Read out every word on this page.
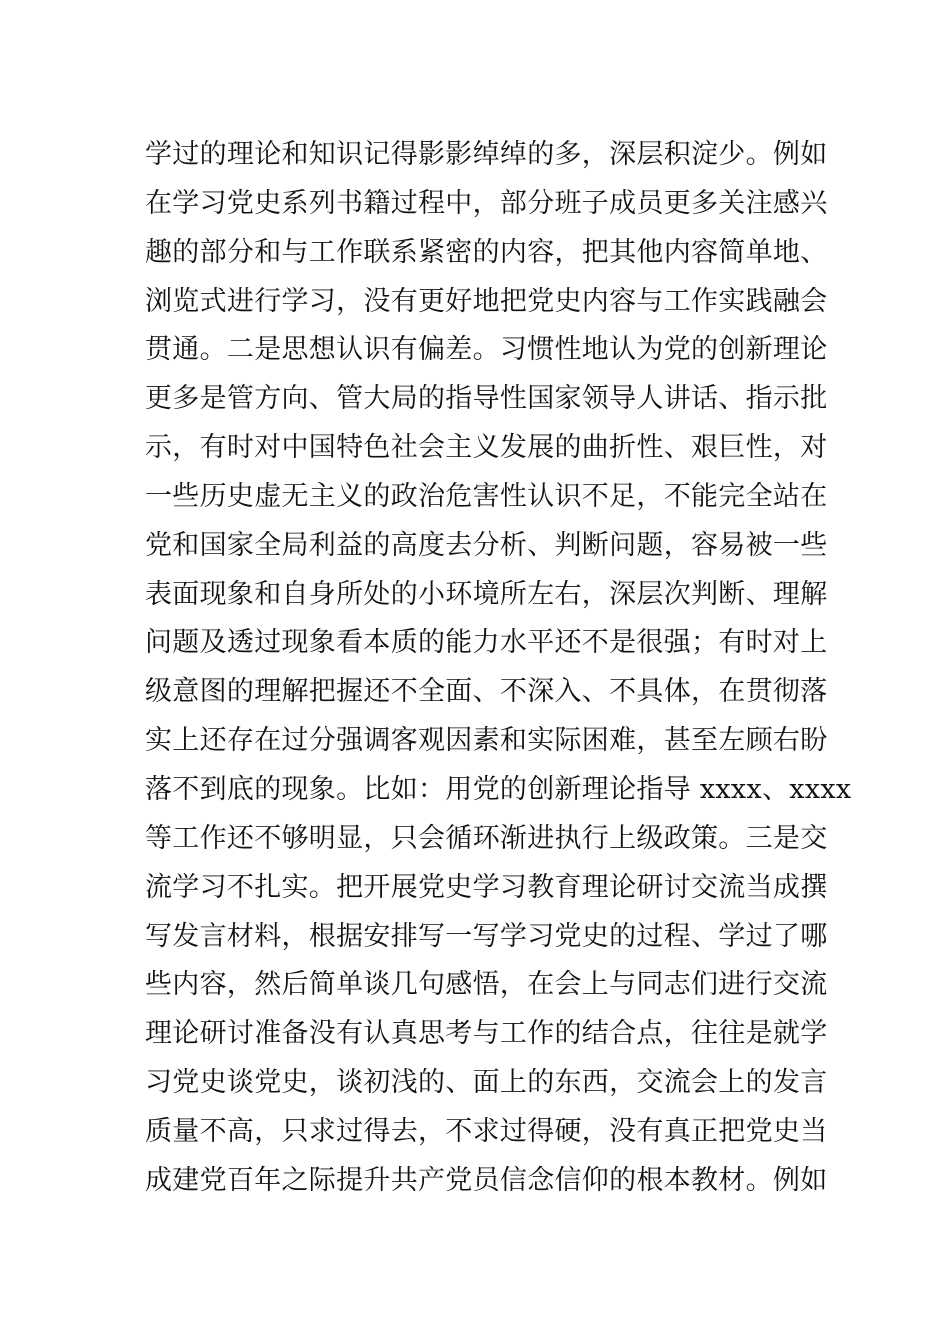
学过的理论和知识记得影影绰绰的多，深层积淀少。例如
在学习党史系列书籍过程中，部分班子成员更多关注感兴
趣的部分和与工作联系紧密的内容，把其他内容简单地、
浏览式进行学习，没有更好地把党史内容与工作实践融会
贯通。二是思想认识有偏差。习惯性地认为党的创新理论
更多是管方向、管大局的指导性国家领导人讲话、指示批
示，有时对中国特色社会主义发展的曲折性、艰巨性，对
一些历史虚无主义的政治危害性认识不足，不能完全站在
党和国家全局利益的高度去分析、判断问题，容易被一些
表面现象和自身所处的小环境所左右，深层次判断、理解
问题及透过现象看本质的能力水平还不是很强；有时对上
级意图的理解把握还不全面、不深入、不具体，在贯彻落
实上还存在过分强调客观因素和实际困难，甚至左顾右盼
落不到底的现象。比如：用党的创新理论指导 xxxx、xxxx
等工作还不够明显，只会循环渐进执行上级政策。三是交
流学习不扎实。把开展党史学习教育理论研讨交流当成撰
写发言材料，根据安排写一写学习党史的过程、学过了哪
些内容，然后简单谈几句感悟，在会上与同志们进行交流
理论研讨准备没有认真思考与工作的结合点，往往是就学
习党史谈党史，谈初浅的、面上的东西，交流会上的发言
质量不高，只求过得去，不求过得硬，没有真正把党史当
成建党百年之际提升共产党员信念信仰的根本教材。例如
